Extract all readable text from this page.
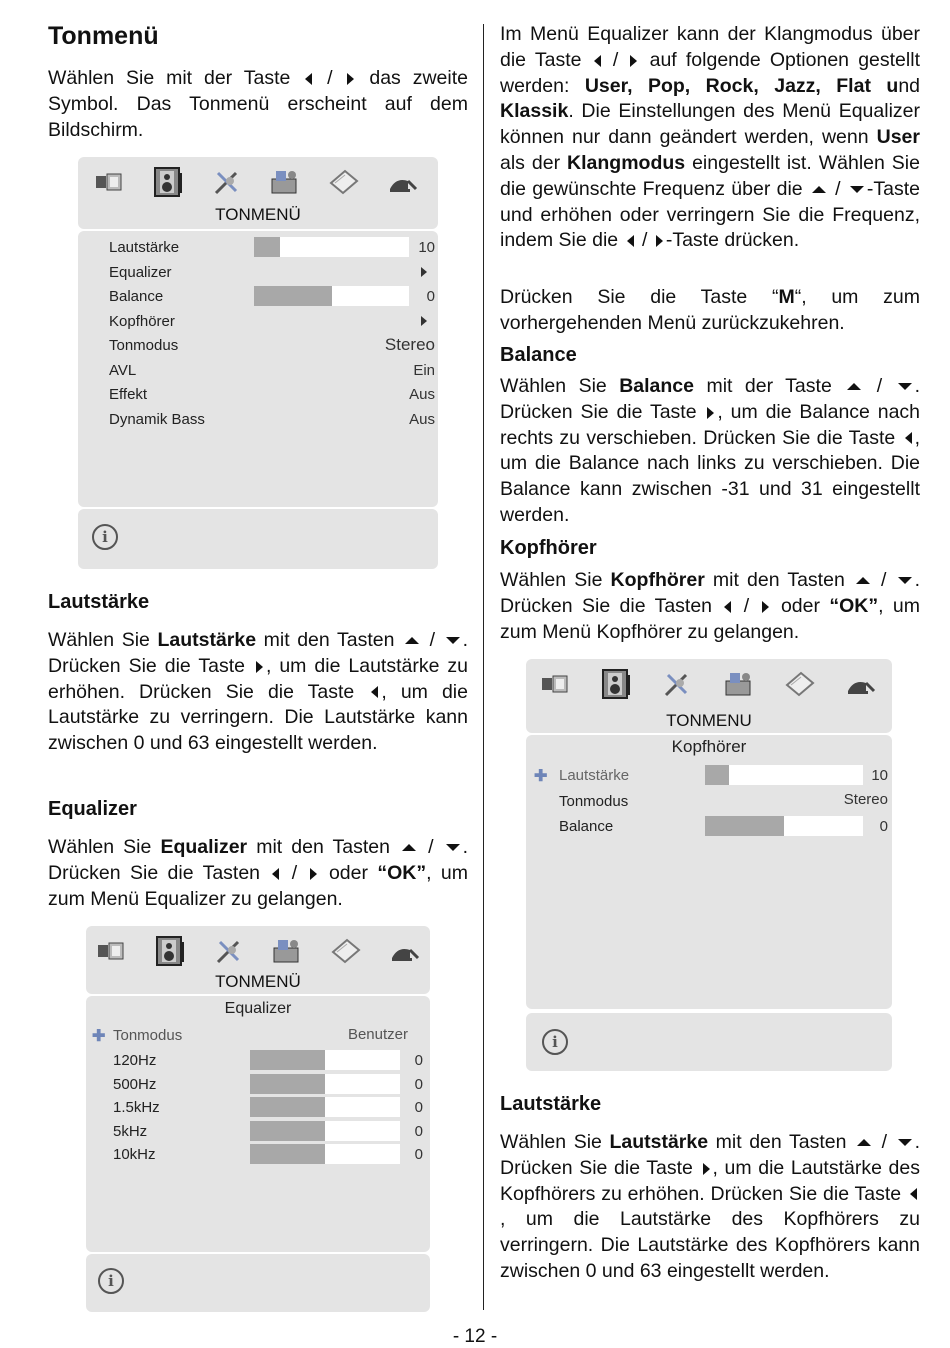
Tonmenü

Wählen Sie mit der Taste  /  das zweite Symbol. Das Tonmenü erscheint auf dem Bildschirm.

Lautstärke

Wählen Sie Lautstärke mit den Tasten  / . Drücken Sie die Taste , um die Lautstärke zu erhöhen. Drücken Sie die Taste , um die Lautstärke zu verringern. Die Lautstärke kann zwischen 0 und 63 eingestellt werden.

Equalizer

Wählen Sie Equalizer mit den Tasten  / . Drücken Sie die Tasten  /  oder “OK”, um zum Menü Equalizer zu gelangen.

Im Menü Equalizer kann der Klangmodus über die Taste  /  auf folgende Optionen gestellt werden: User, Pop, Rock, Jazz, Flat und Klassik. Die Einstellungen des Menü Equalizer können nur dann geändert werden, wenn User als der Klangmodus eingestellt ist. Wählen Sie die gewünschte Frequenz über die  / -Taste und erhöhen oder verringern Sie die Frequenz, indem Sie die  / -Taste drücken.

Drücken Sie die Taste “M“, um zum vorhergehenden Menü zurückzukehren.

Balance

Wählen Sie Balance mit der Taste  / . Drücken Sie die Taste , um die Balance nach rechts zu verschieben. Drücken Sie die Taste , um die Balance nach links zu verschieben. Die Balance kann zwischen -31 und 31 eingestellt werden.

Kopfhörer

Wählen Sie Kopfhörer mit den Tasten  / . Drücken Sie die Tasten  /  oder “OK”, um zum Menü Kopfhörer zu gelangen.

Lautstärke

Wählen Sie Lautstärke mit den Tasten  / . Drücken Sie die Taste , um die Lautstärke des Kopfhörers zu erhöhen. Drücken Sie die Taste , um die Lautstärke des Kopfhörers zu verringern. Die Lautstärke des Kopfhörers kann zwischen 0 und 63 eingestellt werden.

TONMENÜ
Lautstärke	10
Equalizer
Balance	0
Kopfhörer
Tonmodus	Stereo
AVL	Ein
Effekt	Aus
Dynamik Bass	Aus
i
TONMENÜ
Equalizer
✚ Tonmodus	Benutzer
120Hz	0
500Hz	0
1.5kHz	0
5kHz	0
10kHz	0
i
TONMENU
Kopfhörer
✚ Lautstärke	10
Tonmodus	Stereo
Balance	0
i
- 12 -
